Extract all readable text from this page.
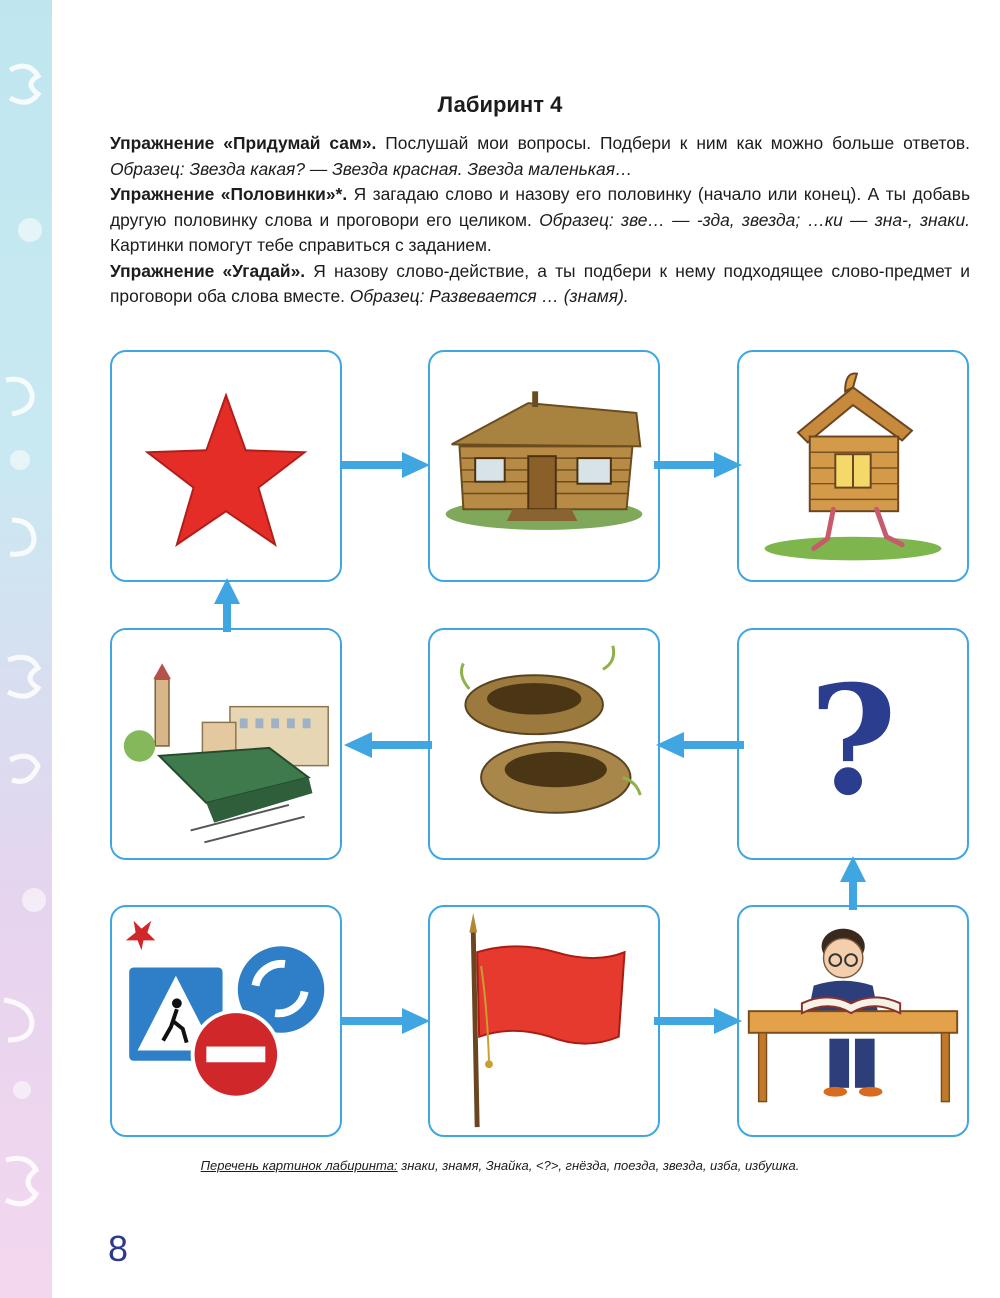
Лабиринт 4

Упражнение «Придумай сам». Послушай мои вопросы. Подбери к ним как можно больше ответов. Образец: Звезда какая? — Звезда красная. Звезда маленькая…

Упражнение «Половинки»*. Я загадаю слово и назову его половинку (начало или конец). А ты добавь другую половинку слова и проговори его целиком. Образец: зве… — -зда, звезда; …ки — зна-, знаки. Картинки помогут тебе справиться с заданием.

Упражнение «Угадай». Я назову слово-действие, а ты подбери к нему подходящее слово-предмет и проговори оба слова вместе. Образец: Развевается … (знамя).

?
Перечень картинок лабиринта: знаки, знамя, Знайка, <?>, гнёзда, поезда, звезда, изба, избушка.
8
